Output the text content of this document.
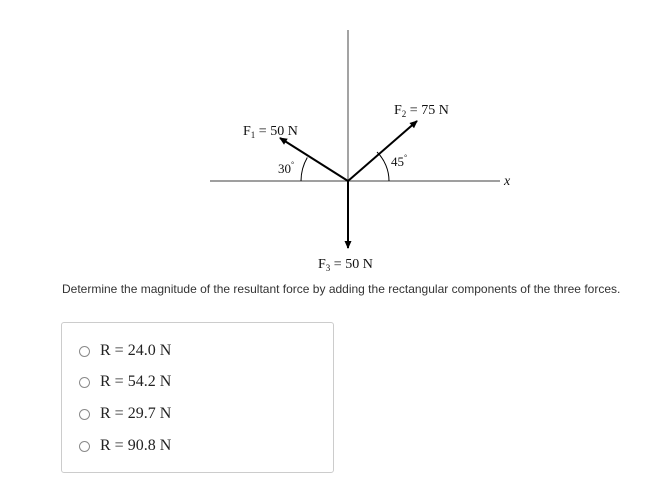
$F_1 = 50$ N
$F_2 = 75$ N
$F_3 = 50$ N
30°	45°
x
Determine the magnitude of the resultant force by adding the rectangular components of the three forces.
R = 24.0 N
R = 54.2 N
R = 29.7 N
R = 90.8 N
